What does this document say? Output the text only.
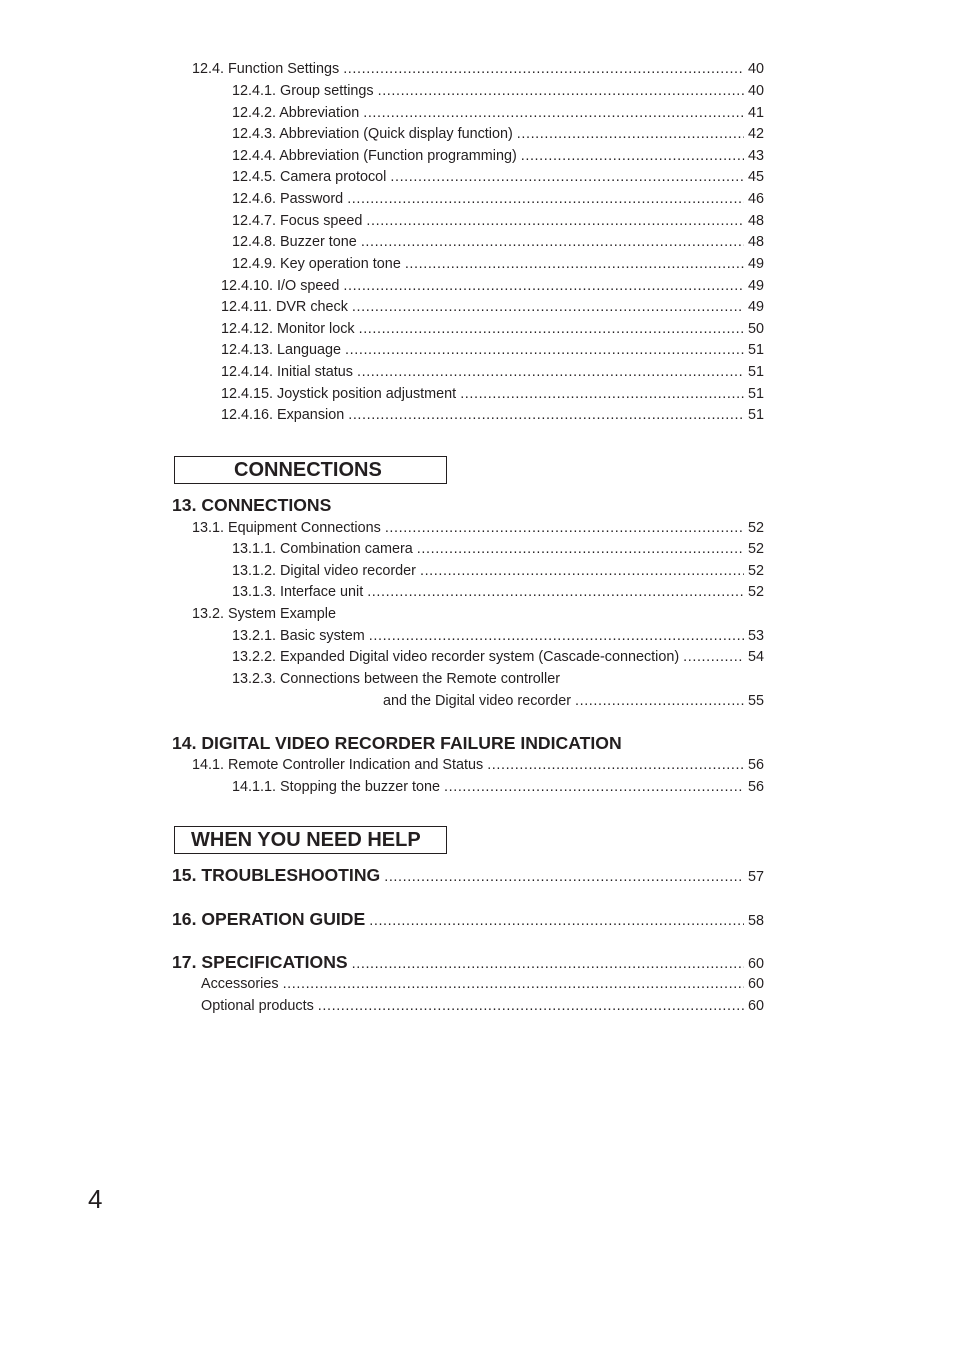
12.4. Function Settings .....	40
12.4.1. Group settings .....	40
12.4.2. Abbreviation .....	41
12.4.3. Abbreviation (Quick display function) .....	42
12.4.4. Abbreviation (Function programming) .....	43
12.4.5. Camera protocol .....	45
12.4.6. Password .....	46
12.4.7. Focus speed .....	48
12.4.8. Buzzer tone .....	48
12.4.9. Key operation tone .....	49
12.4.10. I/O speed .....	49
12.4.11. DVR check .....	49
12.4.12. Monitor lock .....	50
12.4.13. Language .....	51
12.4.14. Initial status .....	51
12.4.15. Joystick position adjustment .....	51
12.4.16. Expansion .....	51
CONNECTIONS
13. CONNECTIONS
13.1. Equipment Connections .....	52
13.1.1. Combination camera .....	52
13.1.2. Digital video recorder .....	52
13.1.3. Interface unit .....	52
13.2. System Example
13.2.1. Basic system .....	53
13.2.2. Expanded Digital video recorder system (Cascade-connection) .....	54
13.2.3. Connections between the Remote controller
and the Digital video recorder .....	55
14. DIGITAL VIDEO RECORDER FAILURE INDICATION
14.1. Remote Controller Indication and Status .....	56
14.1.1. Stopping the buzzer tone .....	56
WHEN YOU NEED HELP
15. TROUBLESHOOTING .....	57
16. OPERATION GUIDE .....	58
17. SPECIFICATIONS .....	60
Accessories .....	60
Optional products .....	60
4
